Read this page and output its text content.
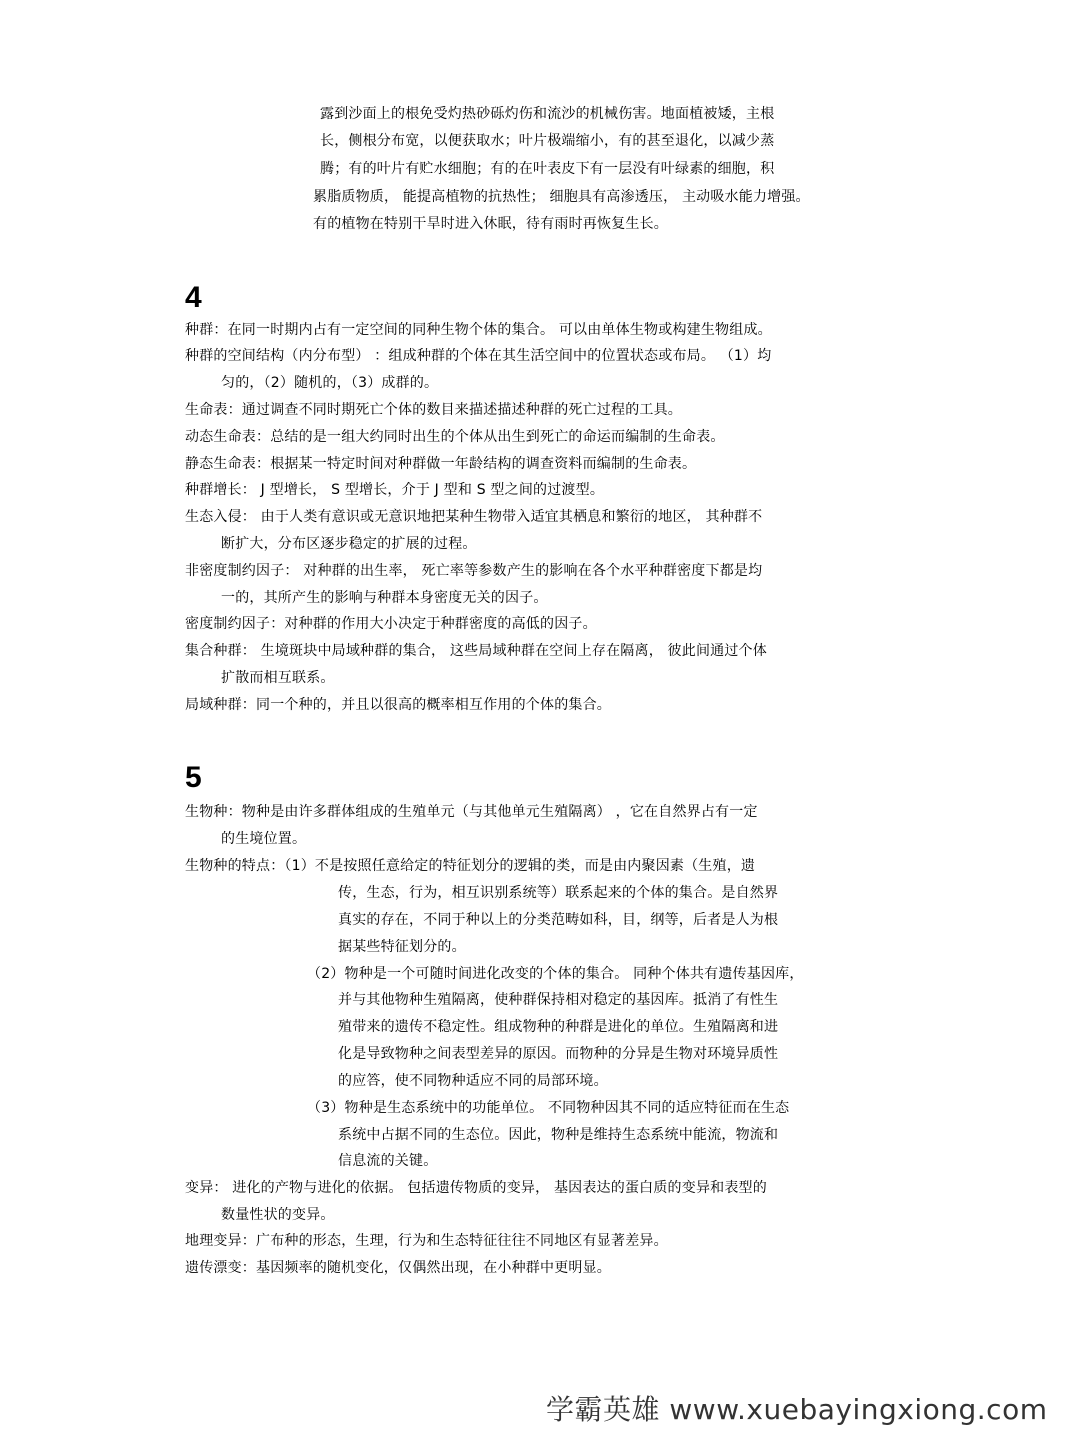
露到沙面上的根免受灼热砂砾灼伤和流沙的机械伤害。地面植被矮，主根
长，侧根分布宽，以便获取水；叶片极端缩小，有的甚至退化，以减少蒸
腾；有的叶片有贮水细胞；有的在叶表皮下有一层没有叶绿素的细胞，积
累脂质物质， 能提高植物的抗热性； 细胞具有高渗透压， 主动吸水能力增强。
有的植物在特别干旱时进入休眠，待有雨时再恢复生长。
4
种群：在同一时期内占有一定空间的同种生物个体的集合。 可以由单体生物或构建生物组成。
种群的空间结构（内分布型） ：组成种群的个体在其生活空间中的位置状态或布局。 （1）均
匀的，（2）随机的，（3）成群的。
生命表：通过调查不同时期死亡个体的数目来描述描述种群的死亡过程的工具。
动态生命表：总结的是一组大约同时出生的个体从出生到死亡的命运而编制的生命表。
静态生命表：根据某一特定时间对种群做一年龄结构的调查资料而编制的生命表。
种群增长： J 型增长， S 型增长，介于 J 型和 S 型之间的过渡型。
生态入侵： 由于人类有意识或无意识地把某种生物带入适宜其栖息和繁衍的地区， 其种群不
断扩大，分布区逐步稳定的扩展的过程。
非密度制约因子： 对种群的出生率， 死亡率等参数产生的影响在各个水平种群密度下都是均
一的，其所产生的影响与种群本身密度无关的因子。
密度制约因子：对种群的作用大小决定于种群密度的高低的因子。
集合种群： 生境斑块中局域种群的集合， 这些局域种群在空间上存在隔离， 彼此间通过个体
扩散而相互联系。
局域种群：同一个种的，并且以很高的概率相互作用的个体的集合。
5
生物种：物种是由许多群体组成的生殖单元（与其他单元生殖隔离） ，它在自然界占有一定
的生境位置。
生物种的特点：（1）不是按照任意给定的特征划分的逻辑的类，而是由内聚因素（生殖，遗
传，生态，行为，相互识别系统等）联系起来的个体的集合。是自然界
真实的存在，不同于种以上的分类范畴如科，目，纲等，后者是人为根
据某些特征划分的。
（2）物种是一个可随时间进化改变的个体的集合。 同种个体共有遗传基因库，
并与其他物种生殖隔离，使种群保持相对稳定的基因库。抵消了有性生
殖带来的遗传不稳定性。组成物种的种群是进化的单位。生殖隔离和进
化是导致物种之间表型差异的原因。而物种的分异是生物对环境异质性
的应答，使不同物种适应不同的局部环境。
（3）物种是生态系统中的功能单位。 不同物种因其不同的适应特征而在生态
系统中占据不同的生态位。因此，物种是维持生态系统中能流，物流和
信息流的关键。
变异： 进化的产物与进化的依据。 包括遗传物质的变异， 基因表达的蛋白质的变异和表型的
数量性状的变异。
地理变异：广布种的形态，生理，行为和生态特征往往不同地区有显著差异。
遗传漂变：基因频率的随机变化，仅偶然出现，在小种群中更明显。
学霸英雄 www.xuebayingxiong.com
